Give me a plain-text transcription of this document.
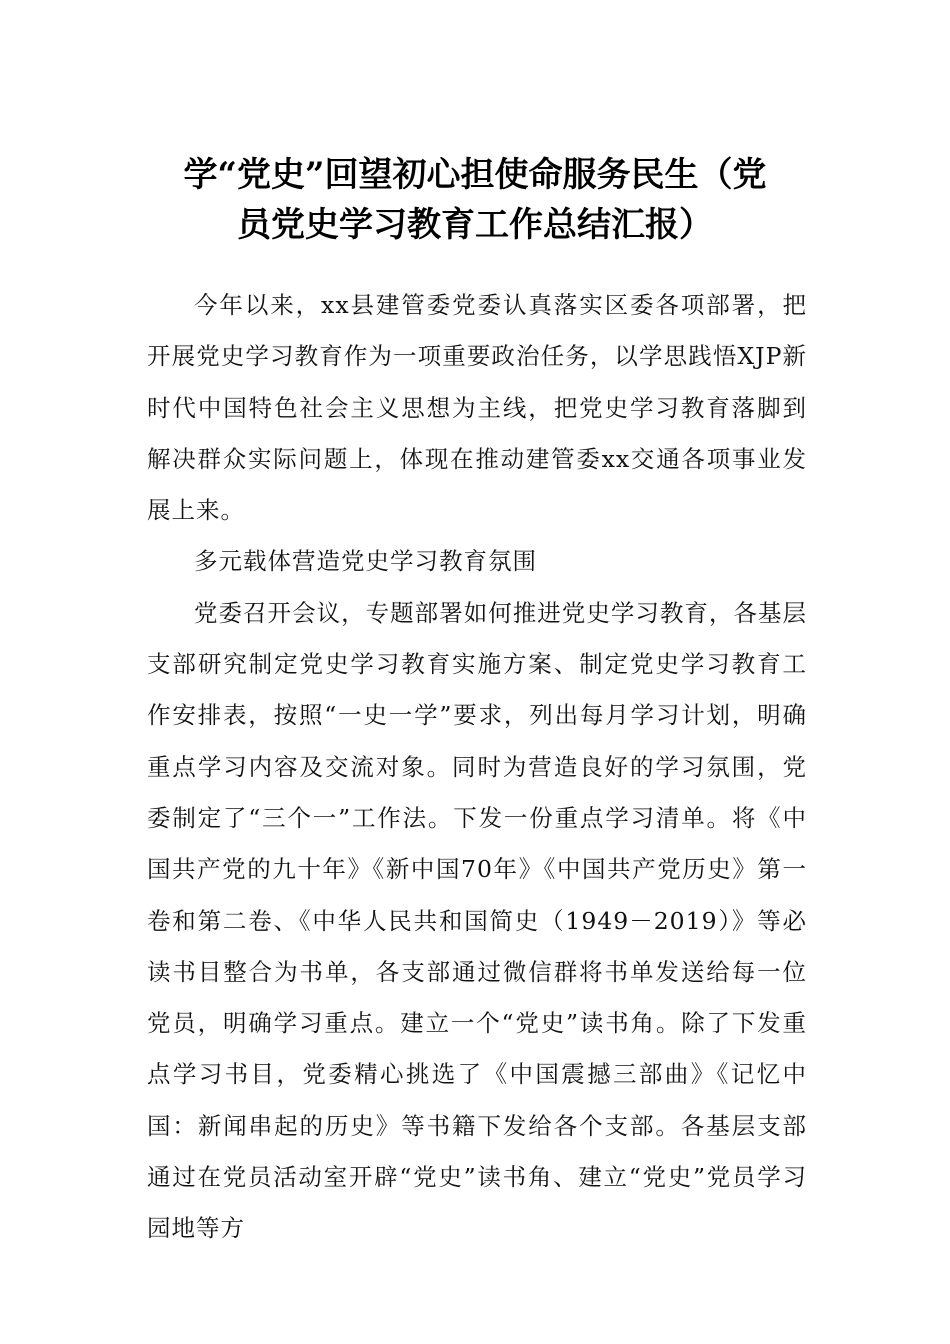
学“党史”回望初心担使命服务民生（党
员党史学习教育工作总结汇报）

今年以来，xx县建管委党委认真落实区委各项部署，把开展党史学习教育作为一项重要政治任务，以学思践悟XJP新时代中国特色社会主义思想为主线，把党史学习教育落脚到解决群众实际问题上，体现在推动建管委xx交通各项事业发展上来。

多元载体营造党史学习教育氛围

党委召开会议，专题部署如何推进党史学习教育，各基层支部研究制定党史学习教育实施方案、制定党史学习教育工作安排表，按照“一史一学”要求，列出每月学习计划，明确重点学习内容及交流对象。同时为营造良好的学习氛围，党委制定了“三个一”工作法。下发一份重点学习清单。将《中国共产党的九十年》《新中国70年》《中国共产党历史》第一卷和第二卷、《中华人民共和国简史（1949－2019）》等必读书目整合为书单，各支部通过微信群将书单发送给每一位党员，明确学习重点。建立一个“党史”读书角。除了下发重点学习书目，党委精心挑选了《中国震撼三部曲》《记忆中国：新闻串起的历史》等书籍下发给各个支部。各基层支部通过在党员活动室开辟“党史”读书角、建立“党史”党员学习园地等方
